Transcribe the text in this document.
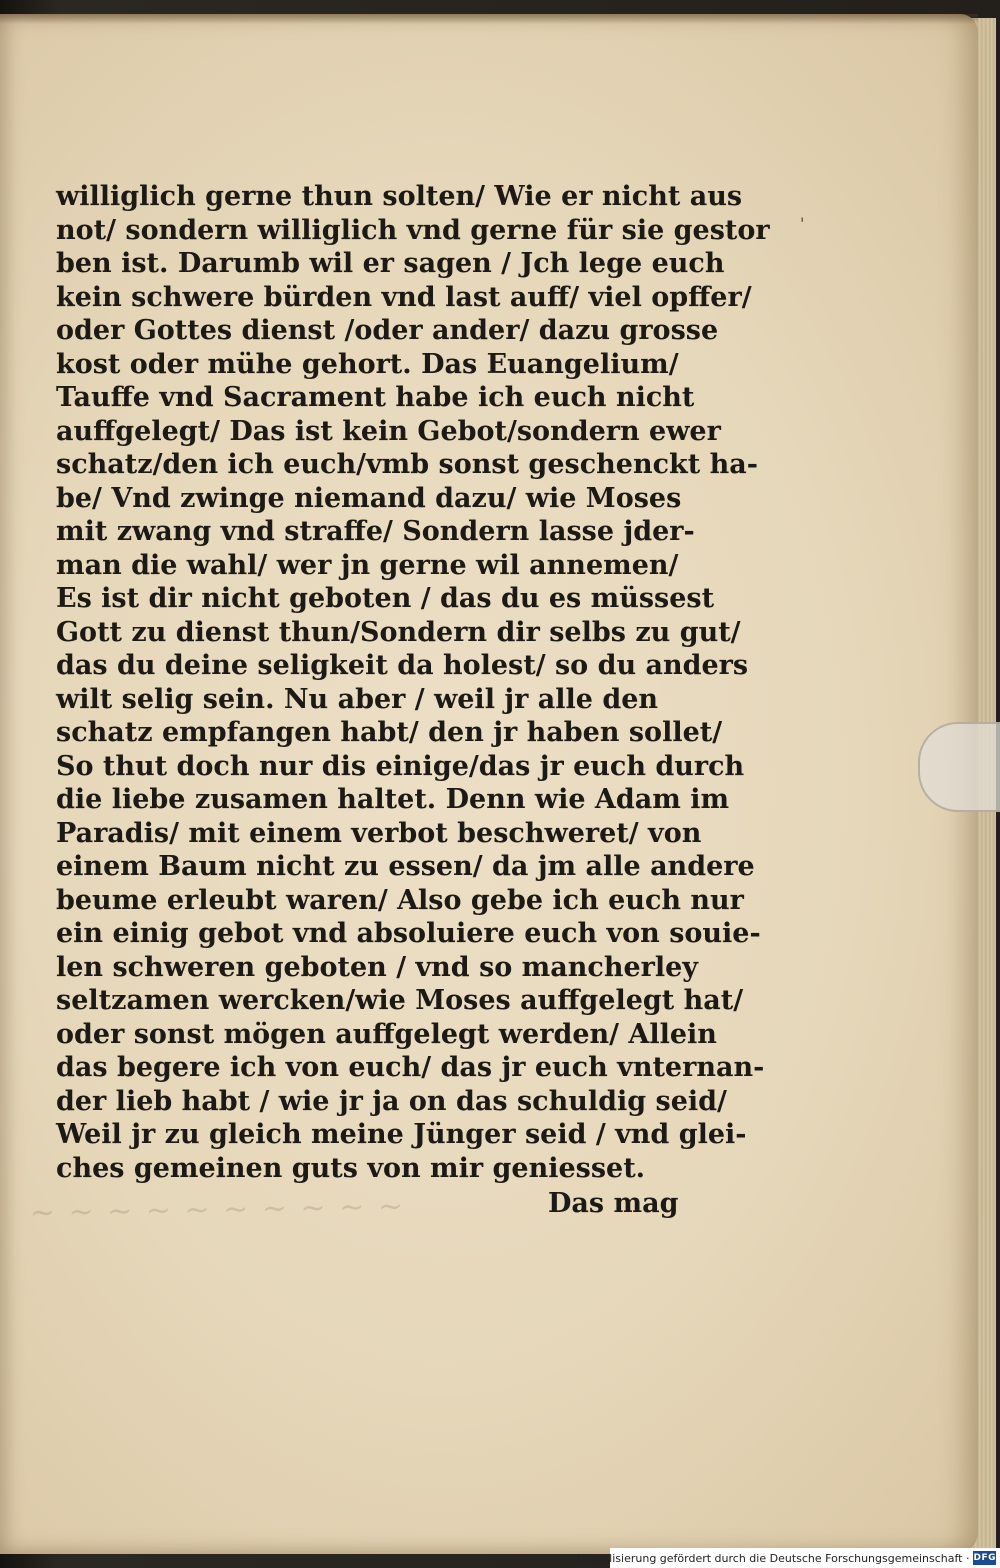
~ ~ ~ ~ ~ ~ ~ ~ ~ ~
'
williglich gerne thun solten/ Wie er nicht aus
not/ sondern williglich vnd gerne für sie gestor
ben ist. Darumb wil er sagen / Jch lege euch
kein schwere bürden vnd last auff/ viel opffer/
oder Gottes dienst /oder ander/ dazu grosse
kost oder mühe gehort. Das Euangelium/
Tauffe vnd Sacrament habe ich euch nicht
auffgelegt/ Das ist kein Gebot/sondern ewer
schatz/den ich euch/vmb sonst geschenckt ha-
be/ Vnd zwinge niemand dazu/ wie Moses
mit zwang vnd straffe/ Sondern lasse jder-
man die wahl/ wer jn gerne wil annemen/
Es ist dir nicht geboten / das du es müssest
Gott zu dienst thun/Sondern dir selbs zu gut/
das du deine seligkeit da holest/ so du anders
wilt selig sein. Nu aber / weil jr alle den
schatz empfangen habt/ den jr haben sollet/
So thut doch nur dis einige/das jr euch durch
die liebe zusamen haltet. Denn wie Adam im
Paradis/ mit einem verbot beschweret/ von
einem Baum nicht zu essen/ da jm alle andere
beume erleubt waren/ Also gebe ich euch nur
ein einig gebot vnd absoluiere euch von souie-
len schweren geboten / vnd so mancherley
seltzamen wercken/wie Moses auffgelegt hat/
oder sonst mögen auffgelegt werden/ Allein
das begere ich von euch/ das jr euch vnternan-
der lieb habt / wie jr ja on das schuldig seid/
Weil jr zu gleich meine Jünger seid / vnd glei-
ches gemeinen guts von mir geniesset.
Das mag
Digitalisierung gefördert durch die Deutsche Forschungsgemeinschaft · DFG
